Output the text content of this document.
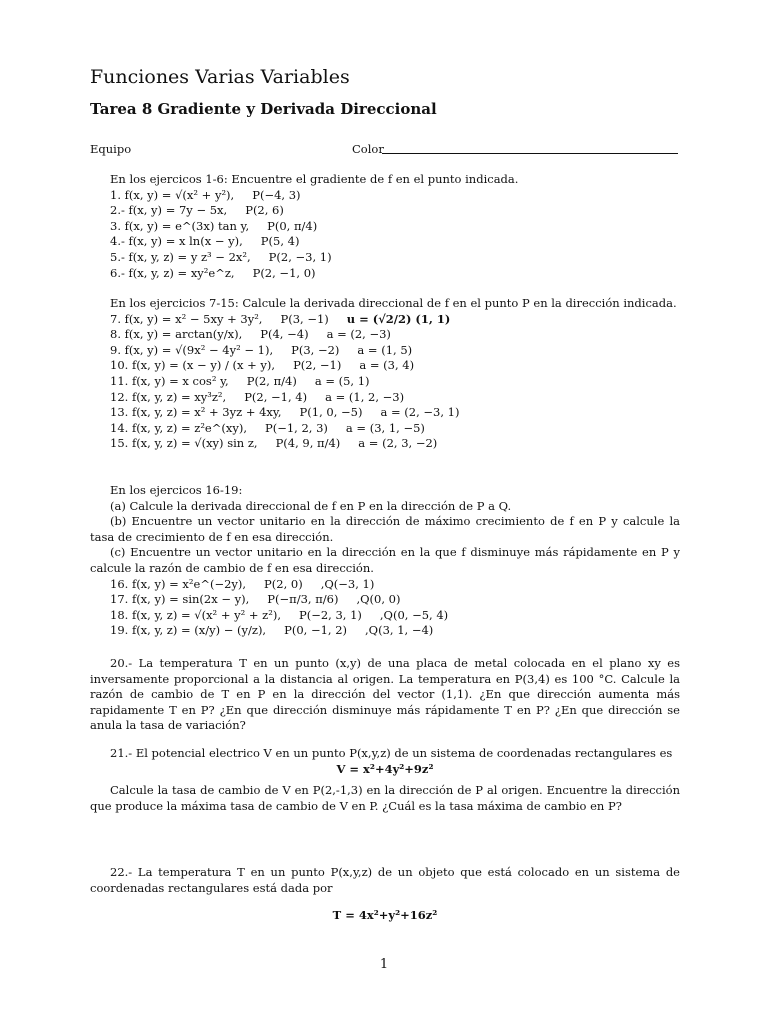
Funciones Varias Variables
Tarea 8 Gradiente y Derivada Direccional
Equipo	Color

En los ejercicos 1-6: Encuentre el gradiente de f en el punto indicada.

1. f(x, y) = √(x² + y²), P(−4, 3)
2.- f(x, y) = 7y − 5x, P(2, 6)
3. f(x, y) = e^(3x) tan y, P(0, π/4)
4.- f(x, y) = x ln(x − y), P(5, 4)
5.- f(x, y, z) = y z³ − 2x², P(2, −3, 1)
6.- f(x, y, z) = xy²e^z, P(2, −1, 0)

En los ejercicios 7-15: Calcule la derivada direccional de f en el punto P en la dirección indicada.

7. f(x, y) = x² − 5xy + 3y², P(3, −1) u = (√2/2) (1, 1)
8. f(x, y) = arctan(y/x), P(4, −4) a = (2, −3)
9. f(x, y) = √(9x² − 4y² − 1), P(3, −2) a = (1, 5)
10. f(x, y) = (x − y) / (x + y), P(2, −1) a = (3, 4)
11. f(x, y) = x cos² y, P(2, π/4) a = (5, 1)
12. f(x, y, z) = xy³z², P(2, −1, 4) a = (1, 2, −3)
13. f(x, y, z) = x² + 3yz + 4xy, P(1, 0, −5) a = (2, −3, 1)
14. f(x, y, z) = z²e^(xy), P(−1, 2, 3) a = (3, 1, −5)
15. f(x, y, z) = √(xy) sin z, P(4, 9, π/4) a = (2, 3, −2)

En los ejercicos 16-19:

(a) Calcule la derivada direccional de f en P en la dirección de P a Q.

(b) Encuentre un vector unitario en la dirección de máximo crecimiento de f en P y calcule la tasa de crecimiento de f en esa dirección.

(c) Encuentre un vector unitario en la dirección en la que f disminuye más rápidamente en P y calcule la razón de cambio de f en esa dirección.

16. f(x, y) = x²e^(−2y), P(2, 0) ,Q(−3, 1)
17. f(x, y) = sin(2x − y), P(−π/3, π/6) ,Q(0, 0)
18. f(x, y, z) = √(x² + y² + z²), P(−2, 3, 1) ,Q(0, −5, 4)
19. f(x, y, z) = (x/y) − (y/z), P(0, −1, 2) ,Q(3, 1, −4)

20.- La temperatura T en un punto (x,y) de una placa de metal colocada en el plano xy es inversamente proporcional a la distancia al origen. La temperatura en P(3,4) es 100 °C. Calcule la razón de cambio de T en P en la dirección del vector (1,1). ¿En que dirección aumenta más rapidamente T en P? ¿En que dirección disminuye más rápidamente T en P? ¿En que dirección se anula la tasa de variación?

21.- El potencial electrico V en un punto P(x,y,z) de un sistema de coordenadas rectangulares es

V = x²+4y²+9z²

Calcule la tasa de cambio de V en P(2,-1,3) en la dirección de P al origen. Encuentre la dirección que produce la máxima tasa de cambio de V en P. ¿Cuál es la tasa máxima de cambio en P?

22.- La temperatura T en un punto P(x,y,z) de un objeto que está colocado en un sistema de coordenadas rectangulares está dada por

T = 4x²+y²+16z²

1
